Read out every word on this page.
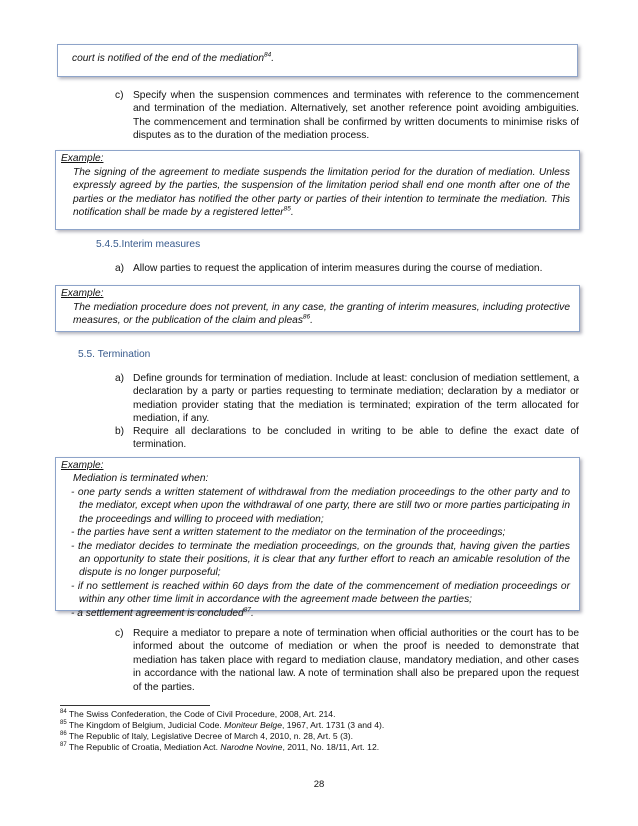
court is notified of the end of the mediation$^{84}$.
c) Specify when the suspension commences and terminates with reference to the commencement and termination of the mediation. Alternatively, set another reference point avoiding ambiguities. The commencement and termination shall be confirmed by written documents to minimise risks of disputes as to the duration of the mediation process.
Example:
The signing of the agreement to mediate suspends the limitation period for the duration of mediation. Unless expressly agreed by the parties, the suspension of the limitation period shall end one month after one of the parties or the mediator has notified the other party or parties of their intention to terminate the mediation. This notification shall be made by a registered letter$^{85}$.
5.4.5.Interim measures
a) Allow parties to request the application of interim measures during the course of mediation.
Example:
The mediation procedure does not prevent, in any case, the granting of interim measures, including protective measures, or the publication of the claim and pleas$^{86}$.
5.5. Termination
a) Define grounds for termination of mediation. Include at least: conclusion of mediation settlement, a declaration by a party or parties requesting to terminate mediation; declaration by a mediator or mediation provider stating that the mediation is terminated; expiration of the term allocated for mediation, if any.
b) Require all declarations to be concluded in writing to be able to define the exact date of termination.
Example:
Mediation is terminated when:
- one party sends a written statement of withdrawal from the mediation proceedings to the other party and to the mediator, except when upon the withdrawal of one party, there are still two or more parties participating in the proceedings and willing to proceed with mediation;
- the parties have sent a written statement to the mediator on the termination of the proceedings;
- the mediator decides to terminate the mediation proceedings, on the grounds that, having given the parties an opportunity to state their positions, it is clear that any further effort to reach an amicable resolution of the dispute is no longer purposeful;
- if no settlement is reached within 60 days from the date of the commencement of mediation proceedings or within any other time limit in accordance with the agreement made between the parties;
- a settlement agreement is concluded$^{87}$.
c) Require a mediator to prepare a note of termination when official authorities or the court has to be informed about the outcome of mediation or when the proof is needed to demonstrate that mediation has taken place with regard to mediation clause, mandatory mediation, and other cases in accordance with the national law. A note of termination shall also be prepared upon the request of the parties.
$^{84}$ The Swiss Confederation, the Code of Civil Procedure, 2008, Art. 214.
$^{85}$ The Kingdom of Belgium, Judicial Code. Moniteur Belge, 1967, Art. 1731 (3 and 4).
$^{86}$ The Republic of Italy, Legislative Decree of March 4, 2010, n. 28, Art. 5 (3).
$^{87}$ The Republic of Croatia, Mediation Act. Narodne Novine, 2011, No. 18/11, Art. 12.
28
